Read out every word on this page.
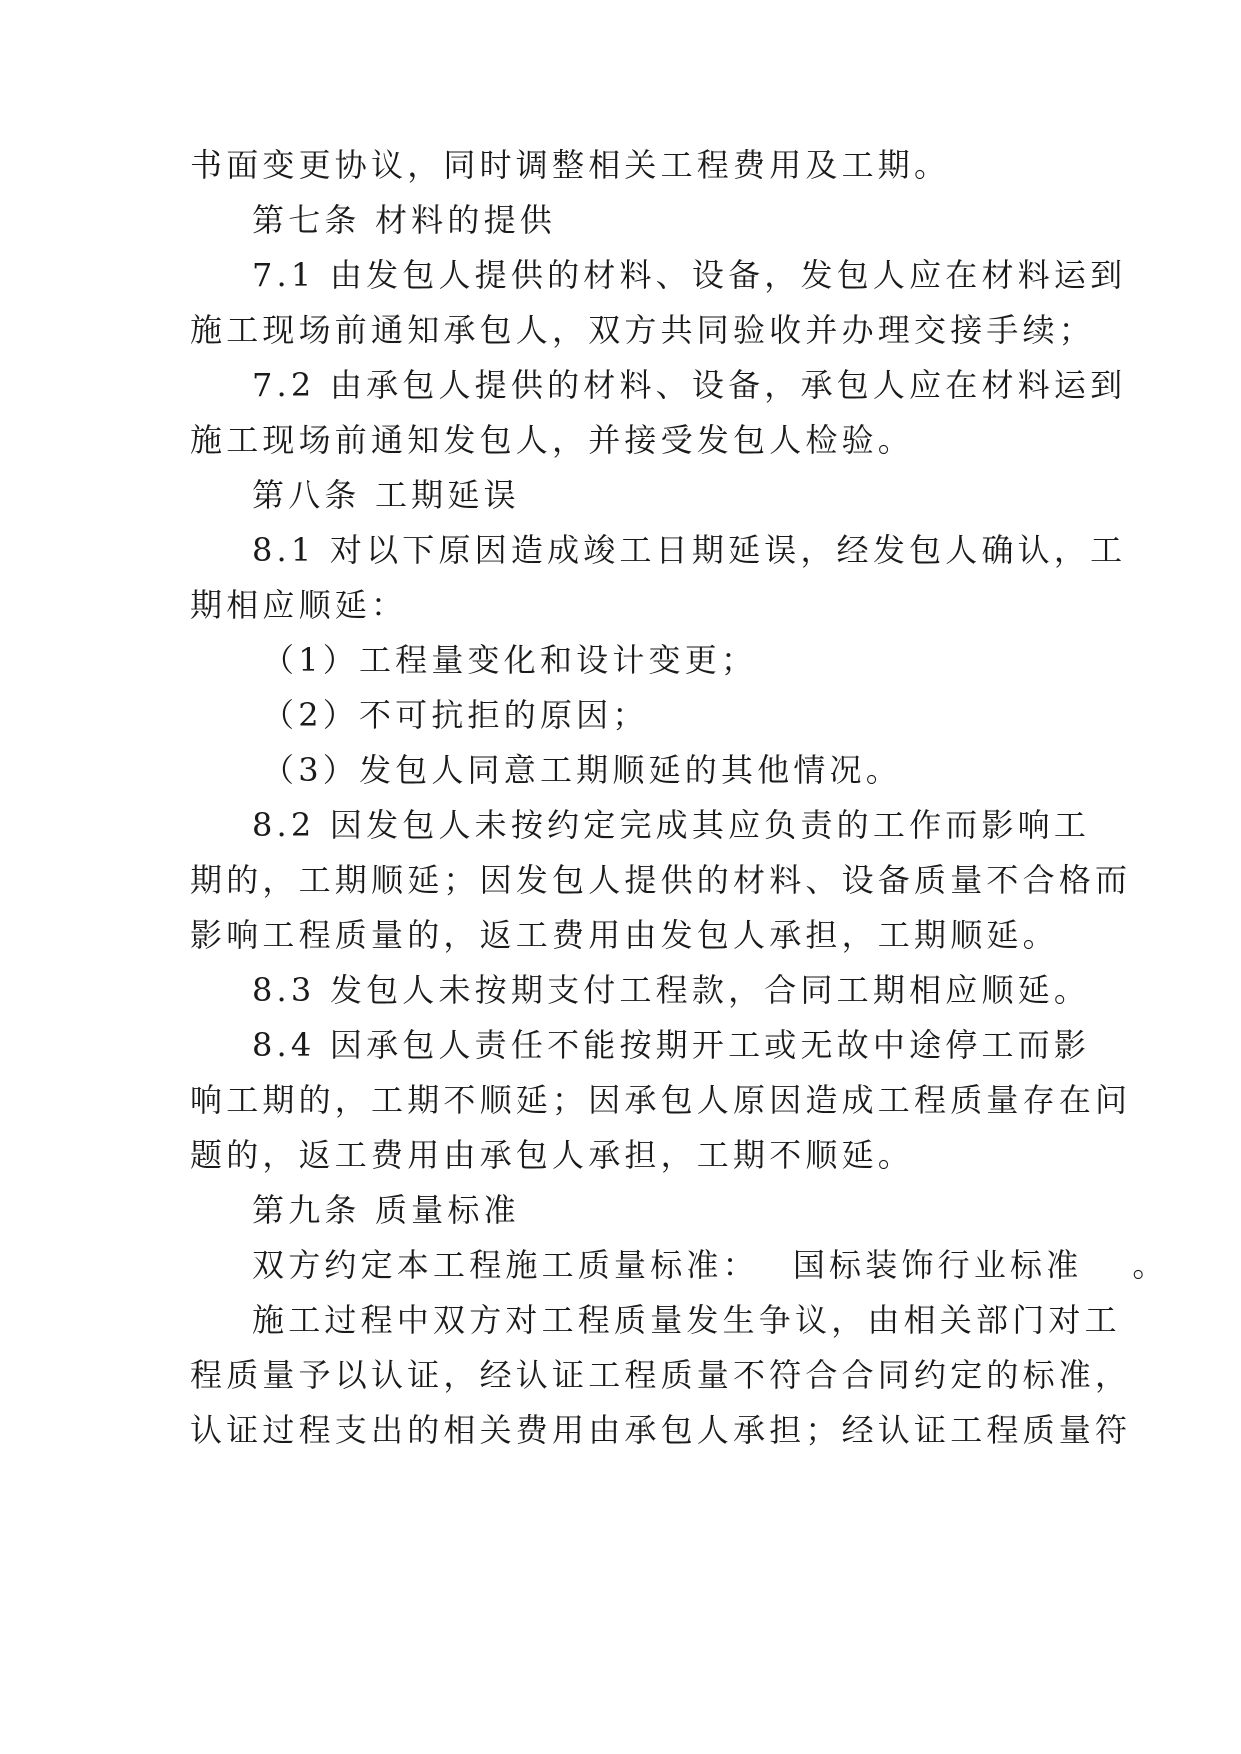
书面变更协议，同时调整相关工程费用及工期。
第七条 材料的提供
7.1 由发包人提供的材料、设备，发包人应在材料运到
施工现场前通知承包人，双方共同验收并办理交接手续；
7.2 由承包人提供的材料、设备，承包人应在材料运到
施工现场前通知发包人，并接受发包人检验。
第八条 工期延误
8.1 对以下原因造成竣工日期延误，经发包人确认，工
期相应顺延：
（1）工程量变化和设计变更；
（2）不可抗拒的原因；
（3）发包人同意工期顺延的其他情况。
8.2 因发包人未按约定完成其应负责的工作而影响工
期的，工期顺延；因发包人提供的材料、设备质量不合格而
影响工程质量的，返工费用由发包人承担，工期顺延。
8.3 发包人未按期支付工程款，合同工期相应顺延。
8.4 因承包人责任不能按期开工或无故中途停工而影
响工期的，工期不顺延；因承包人原因造成工程质量存在问
题的，返工费用由承包人承担，工期不顺延。
第九条 质量标准
双方约定本工程施工质量标准： 国标装饰行业标准 。
施工过程中双方对工程质量发生争议，由相关部门对工
程质量予以认证，经认证工程质量不符合合同约定的标准，
认证过程支出的相关费用由承包人承担；经认证工程质量符
